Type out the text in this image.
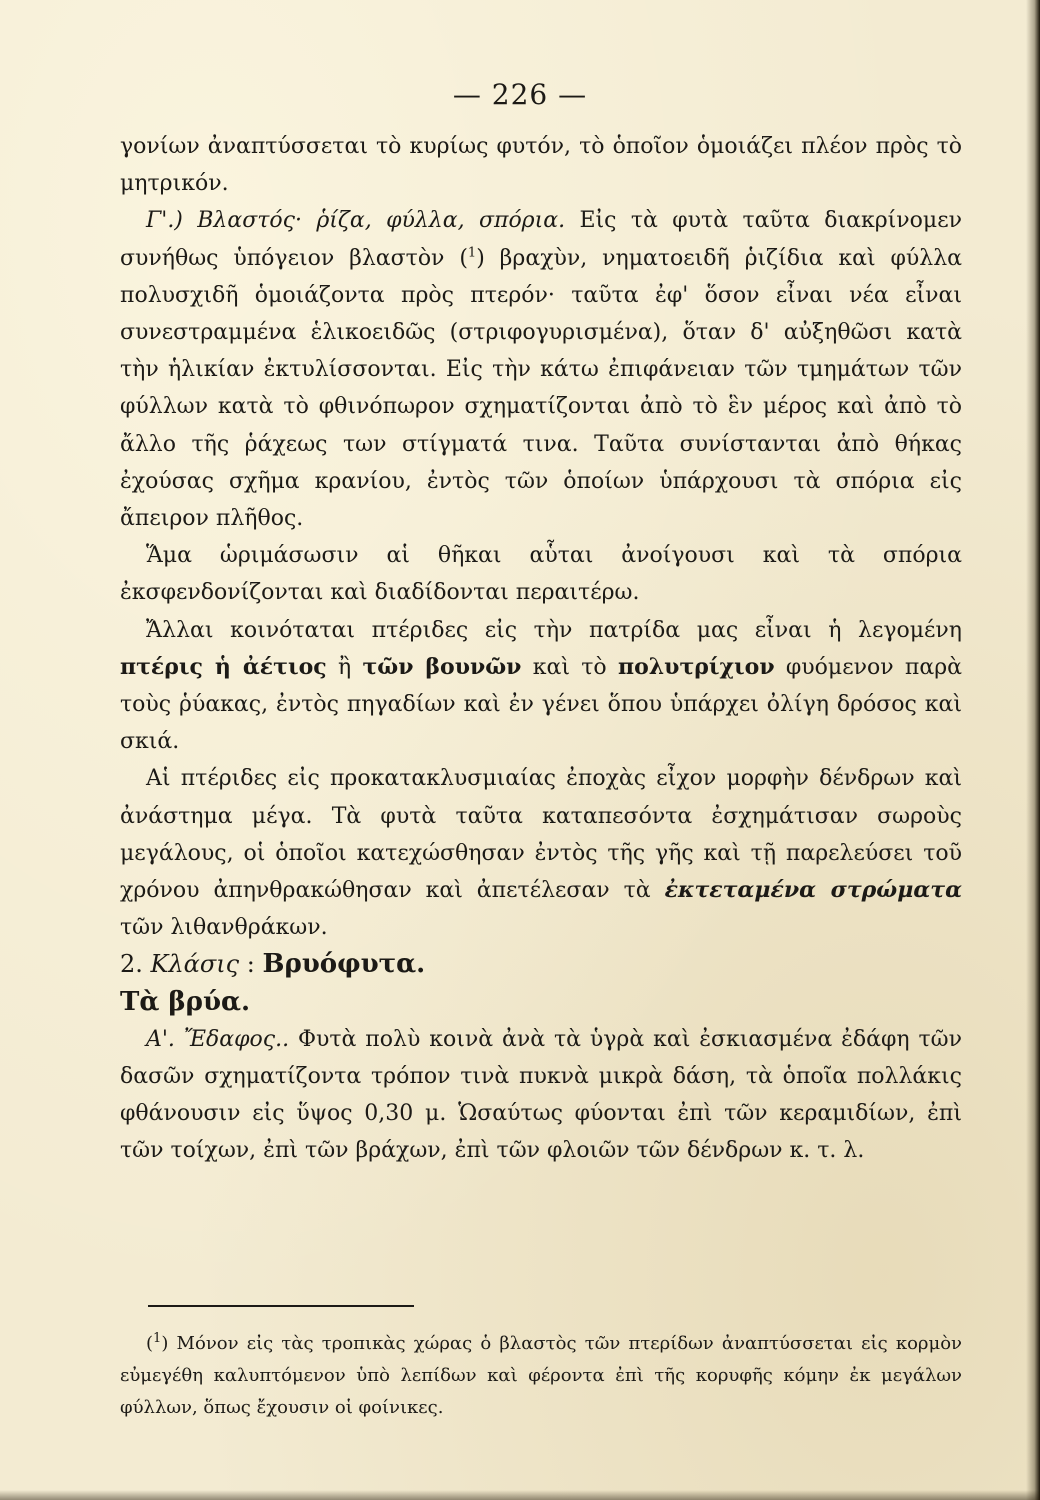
— 226 —

γονίων ἀναπτύσσεται τὸ κυρίως φυτόν, τὸ ὁποῖον ὁμοιάζει πλέον πρὸς τὸ μητρικόν.

Γ'.) Βλαστός· ῥίζα, φύλλα, σπόρια. Εἰς τὰ φυτὰ ταῦτα διακρίνομεν συνήθως ὑπόγειον βλαστὸν ($^1$) βραχὺν, νηματοειδῆ ῥιζίδια καὶ φύλλα πολυσχιδῆ ὁμοιάζοντα πρὸς πτερόν· ταῦτα ἐφ' ὅσον εἶναι νέα εἶναι συνεστραμμένα ἑλικοειδῶς (στριφογυρισμένα), ὅταν δ' αὐξηθῶσι κατὰ τὴν ἡλικίαν ἐκτυλίσσονται. Εἰς τὴν κάτω ἐπιφάνειαν τῶν τμημάτων τῶν φύλλων κατὰ τὸ φθινόπωρον σχηματίζονται ἀπὸ τὸ ἓν μέρος καὶ ἀπὸ τὸ ἄλλο τῆς ῥάχεως των στίγματά τινα. Ταῦτα συνίστανται ἀπὸ θήκας ἐχούσας σχῆμα κρανίου, ἐντὸς τῶν ὁποίων ὑπάρχουσι τὰ σπόρια εἰς ἄπειρον πλῆθος.

Ἅμα ὡριμάσωσιν αἱ θῆκαι αὗται ἀνοίγουσι καὶ τὰ σπόρια ἐκσφενδονίζονται καὶ διαδίδονται περαιτέρω.

Ἄλλαι κοινόταται πτέριδες εἰς τὴν πατρίδα μας εἶναι ἡ λεγομένη πτέρις ἡ ἀέτιος ἢ τῶν βουνῶν καὶ τὸ πολυτρίχιον φυόμενον παρὰ τοὺς ῥύακας, ἐντὸς πηγαδίων καὶ ἐν γένει ὅπου ὑπάρχει ὀλίγη δρόσος καὶ σκιά.

Αἱ πτέριδες εἰς προκατακλυσμιαίας ἐποχὰς εἶχον μορφὴν δένδρων καὶ ἀνάστημα μέγα. Τὰ φυτὰ ταῦτα καταπεσόντα ἐσχημάτισαν σωροὺς μεγάλους, οἱ ὁποῖοι κατεχώσθησαν ἐντὸς τῆς γῆς καὶ τῇ παρελεύσει τοῦ χρόνου ἀπηνθρακώθησαν καὶ ἀπετέλεσαν τὰ ἐκτεταμένα στρώματα τῶν λιθανθράκων.

2. Κλάσις : Βρυόφυτα.

Τὰ βρύα.

Α'. Ἔδαφος.. Φυτὰ πολὺ κοινὰ ἀνὰ τὰ ὑγρὰ καὶ ἐσκιασμένα ἐδάφη τῶν δασῶν σχηματίζοντα τρόπον τινὰ πυκνὰ μικρὰ δάση, τὰ ὁποῖα πολλάκις φθάνουσιν εἰς ὕψος 0,30 μ. Ὡσαύτως φύονται ἐπὶ τῶν κεραμιδίων, ἐπὶ τῶν τοίχων, ἐπὶ τῶν βράχων, ἐπὶ τῶν φλοιῶν τῶν δένδρων κ. τ. λ.

($^1$) Μόνον εἰς τὰς τροπικὰς χώρας ὁ βλαστὸς τῶν πτερίδων ἀναπτύσσεται εἰς κορμὸν εὐμεγέθη καλυπτόμενον ὑπὸ λεπίδων καὶ φέροντα ἐπὶ τῆς κορυφῆς κόμην ἐκ μεγάλων φύλλων, ὅπως ἔχουσιν οἱ φοίνικες.
